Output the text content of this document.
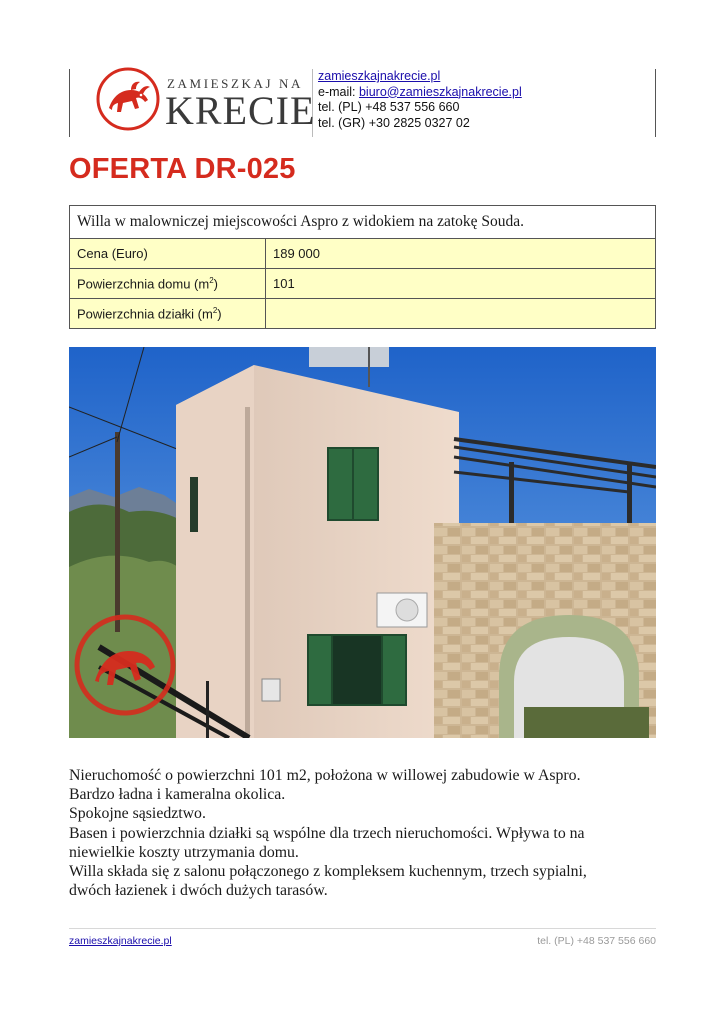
ZAMIESZKAJ NA
KRECIE
zamieszkajnakrecie.pl
e-mail: biuro@zamieszkajnakrecie.pl
tel. (PL) +48 537 556 660
tel. (GR) +30 2825 0327 02
OFERTA DR-025
Willa w malowniczej miejscowości Aspro z widokiem na zatokę Souda.	
Cena (Euro)	189 000
Powierzchnia domu $(m^2)$	101
Powierzchnia działki $(m^2)$	
Nieruchomość o powierzchni 101 m2, położona w willowej zabudowie w Aspro.
Bardzo ładna i kameralna okolica.
Spokojne sąsiedztwo.
Basen i powierzchnia działki są wspólne dla trzech nieruchomości. Wpływa to na
niewielkie koszty utrzymania domu.
Willa składa się z salonu połączonego z kompleksem kuchennym, trzech sypialni,
dwóch łazienek i dwóch dużych tarasów.
zamieszkajnakrecie.pl	tel. (PL) +48 537 556 660
